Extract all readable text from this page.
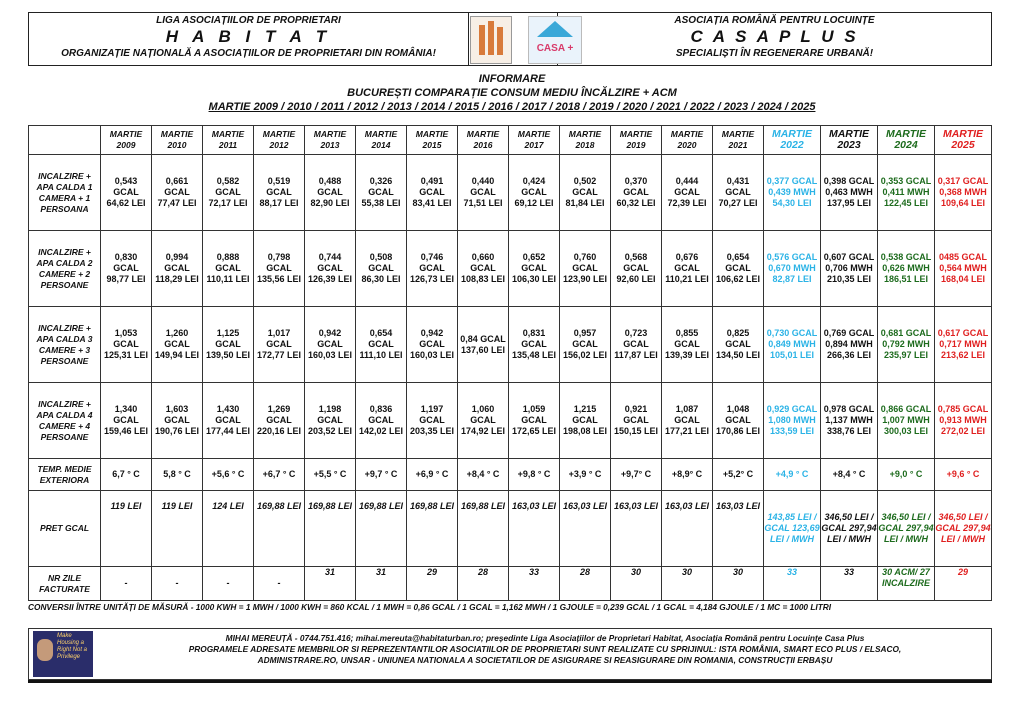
LIGA ASOCIAȚIILOR DE PROPRIETARI
H A B I T A T
ORGANIZAȚIE NAȚIONALĂ A ASOCIAȚIILOR DE PROPRIETARI DIN ROMÂNIA!
ASOCIAȚIA ROMÂNĂ PENTRU LOCUINȚE
C A S A P L U S
SPECIALIȘTI ÎN REGENERARE URBANĂ!
CASA +
INFORMARE
BUCUREȘTI COMPARAȚIE CONSUM MEDIU ÎNCĂLZIRE + ACM
MARTIE 2009 / 2010 / 2011 / 2012 / 2013 / 2014 / 2015 / 2016 / 2017 / 2018 / 2019 / 2020 / 2021 / 2022 / 2023 / 2024 / 2025
	MARTIE 2009	MARTIE 2010	MARTIE 2011	MARTIE 2012	MARTIE 2013	MARTIE 2014	MARTIE 2015	MARTIE 2016	MARTIE 2017	MARTIE 2018	MARTIE 2019	MARTIE 2020	MARTIE 2021	MARTIE 2022	MARTIE 2023	MARTIE 2024	MARTIE 2025
INCALZIRE + APA CALDA 1 CAMERA + 1 PERSOANA	0,543 GCAL 64,62 LEI	0,661 GCAL 77,47 LEI	0,582 GCAL 72,17 LEI	0,519 GCAL 88,17 LEI	0,488 GCAL 82,90 LEI	0,326 GCAL 55,38 LEI	0,491 GCAL 83,41 LEI	0,440 GCAL 71,51 LEI	0,424 GCAL 69,12 LEI	0,502 GCAL 81,84 LEI	0,370 GCAL 60,32 LEI	0,444 GCAL 72,39 LEI	0,431 GCAL 70,27 LEI	0,377 GCAL 0,439 MWH 54,30 LEI	0,398 GCAL 0,463 MWH 137,95 LEI	0,353 GCAL 0,411 MWH 122,45 LEI	0,317 GCAL 0,368 MWH 109,64 LEI
INCALZIRE + APA CALDA 2 CAMERE + 2 PERSOANE	0,830 GCAL 98,77 LEI	0,994 GCAL 118,29 LEI	0,888 GCAL 110,11 LEI	0,798 GCAL 135,56 LEI	0,744 GCAL 126,39 LEI	0,508 GCAL 86,30 LEI	0,746 GCAL 126,73 LEI	0,660 GCAL 108,83 LEI	0,652 GCAL 106,30 LEI	0,760 GCAL 123,90 LEI	0,568 GCAL 92,60 LEI	0,676 GCAL 110,21 LEI	0,654 GCAL 106,62 LEI	0,576 GCAL 0,670 MWH 82,87 LEI	0,607 GCAL 0,706 MWH 210,35 LEI	0,538 GCAL 0,626 MWH 186,51 LEI	0485 GCAL 0,564 MWH 168,04 LEI
INCALZIRE + APA CALDA 3 CAMERE + 3 PERSOANE	1,053 GCAL 125,31 LEI	1,260 GCAL 149,94 LEI	1,125 GCAL 139,50 LEI	1,017 GCAL 172,77 LEI	0,942 GCAL 160,03 LEI	0,654 GCAL 111,10 LEI	0,942 GCAL 160,03 LEI	0,84 GCAL 137,60 LEI	0,831 GCAL 135,48 LEI	0,957 GCAL 156,02 LEI	0,723 GCAL 117,87 LEI	0,855 GCAL 139,39 LEI	0,825 GCAL 134,50 LEI	0,730 GCAL 0,849 MWH 105,01 LEI	0,769 GCAL 0,894 MWH 266,36 LEI	0,681 GCAL 0,792 MWH 235,97 LEI	0,617 GCAL 0,717 MWH 213,62 LEI
INCALZIRE + APA CALDA 4 CAMERE + 4 PERSOANE	1,340 GCAL 159,46 LEI	1,603 GCAL 190,76 LEI	1,430 GCAL 177,44 LEI	1,269 GCAL 220,16 LEI	1,198 GCAL 203,52 LEI	0,836 GCAL 142,02 LEI	1,197 GCAL 203,35 LEI	1,060 GCAL 174,92 LEI	1,059 GCAL 172,65 LEI	1,215 GCAL 198,08 LEI	0,921 GCAL 150,15 LEI	1,087 GCAL 177,21 LEI	1,048 GCAL 170,86 LEI	0,929 GCAL 1,080 MWH 133,59 LEI	0,978 GCAL 1,137 MWH 338,76 LEI	0,866 GCAL 1,007 MWH 300,03 LEI	0,785 GCAL 0,913 MWH 272,02 LEI
TEMP. MEDIE EXTERIORA	6,7 ° C	5,8 ° C	+5,6 ° C	+6,7 ° C	+5,5 ° C	+9,7 ° C	+6,9 ° C	+8,4 ° C	+9,8 ° C	+3,9 ° C	+9,7° C	+8,9° C	+5,2° C	+4,9 ° C	+8,4 ° C	+9,0 ° C	+9,6 ° C
PRET GCAL	119 LEI	119 LEI	124 LEI	169,88 LEI	169,88 LEI	169,88 LEI	169,88 LEI	169,88 LEI	163,03 LEI	163,03 LEI	163,03 LEI	163,03 LEI	163,03 LEI	143,85 LEI / GCAL 123,69 LEI / MWH	346,50 LEI / GCAL 297,94 LEI / MWH	346,50 LEI / GCAL 297,94 LEI / MWH	346,50 LEI / GCAL 297,94 LEI / MWH
NR ZILE FACTURATE	-	-	-	-	31	31	29	28	33	28	30	30	30	33	33	30 ACM/ 27 INCALZIRE	29
CONVERSII ÎNTRE UNITĂȚI DE MĂSURĂ - 1000 KWH = 1 MWH / 1000 KWH = 860 KCAL / 1 MWH = 0,86 GCAL / 1 GCAL = 1,162 MWH / 1 GJOULE = 0,239 GCAL / 1 GCAL = 4,184 GJOULE / 1 MC = 1000 LITRI
Make Housing a Right Not a Privilege
MIHAI MEREUȚĂ - 0744.751.416; mihai.mereuta@habitaturban.ro; președinte Liga Asociațiilor de Proprietari Habitat, Asociația Română pentru Locuințe Casa Plus
PROGRAMELE ADRESATE MEMBRILOR SI REPREZENTANTILOR ASOCIATIILOR DE PROPRIETARI SUNT REALIZATE CU SPRIJINUL: ISTA ROMÂNIA, SMART ECO PLUS / ELSACO,
ADMINISTRARE.RO, UNSAR - UNIUNEA NATIONALA A SOCIETATILOR DE ASIGURARE SI REASIGURARE DIN ROMANIA, CONSTRUCȚII ERBAȘU
